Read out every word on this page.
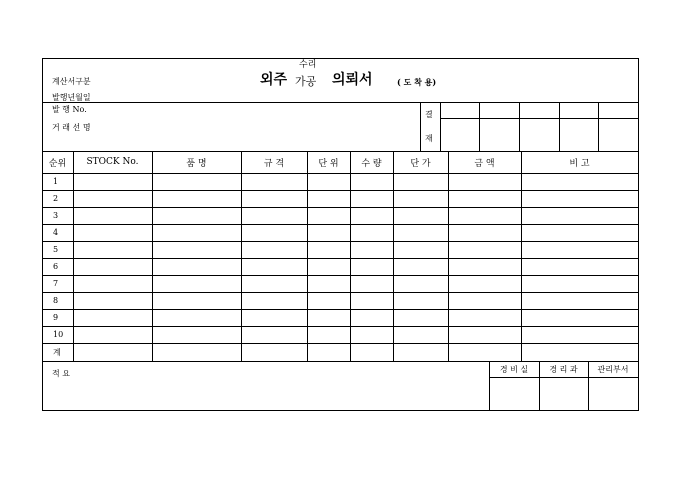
수리
외주 가공 의뢰서	( 도 착 용)
계산서구분
발행년월일
발 행 No.
거 래 선 명
결
재
순위	STOCK No.	품 명	규 격	단 위	수 량	단 가	금 액	비 고
1
2
3
4
5
6
7
8
9
10
계
적 요	경 비 실	경 리 과	관리부서
